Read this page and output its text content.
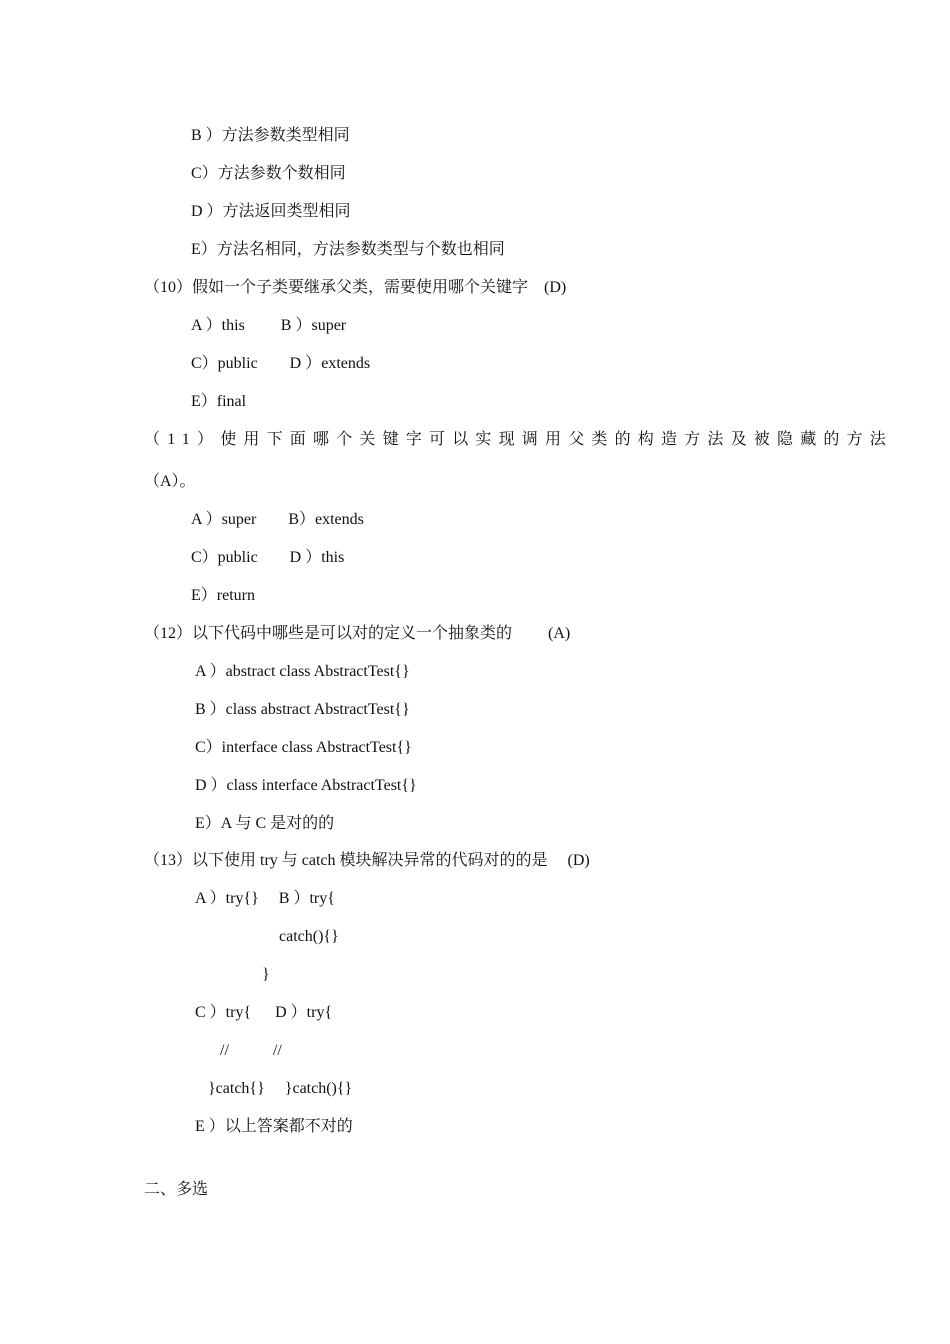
B ）方法参数类型相同
C）方法参数个数相同
D ）方法返回类型相同
E）方法名相同，方法参数类型与个数也相同
（10）假如一个子类要继承父类，需要使用哪个关键字    (D)
A ）this         B ）super
C）public        D ）extends
E）final
（11）使用下面哪个关键字可以实现调用父类的构造方法及被隐藏的方法
（A）。
A ）super        B）extends
C）public        D ）this
E）return
（12）以下代码中哪些是可以对的定义一个抽象类的         (A)
A ）abstract class AbstractTest{}
B ）class abstract AbstractTest{}
C）interface class AbstractTest{}
D ）class interface AbstractTest{}
E）A 与 C 是对的的
（13）以下使用 try 与 catch 模块解决异常的代码对的的是     (D)
A ）try{}     B ）try{
catch(){}
}
C ）try{      D ）try{
//           //
}catch{}     }catch(){}
E ）以上答案都不对的
二、多选
